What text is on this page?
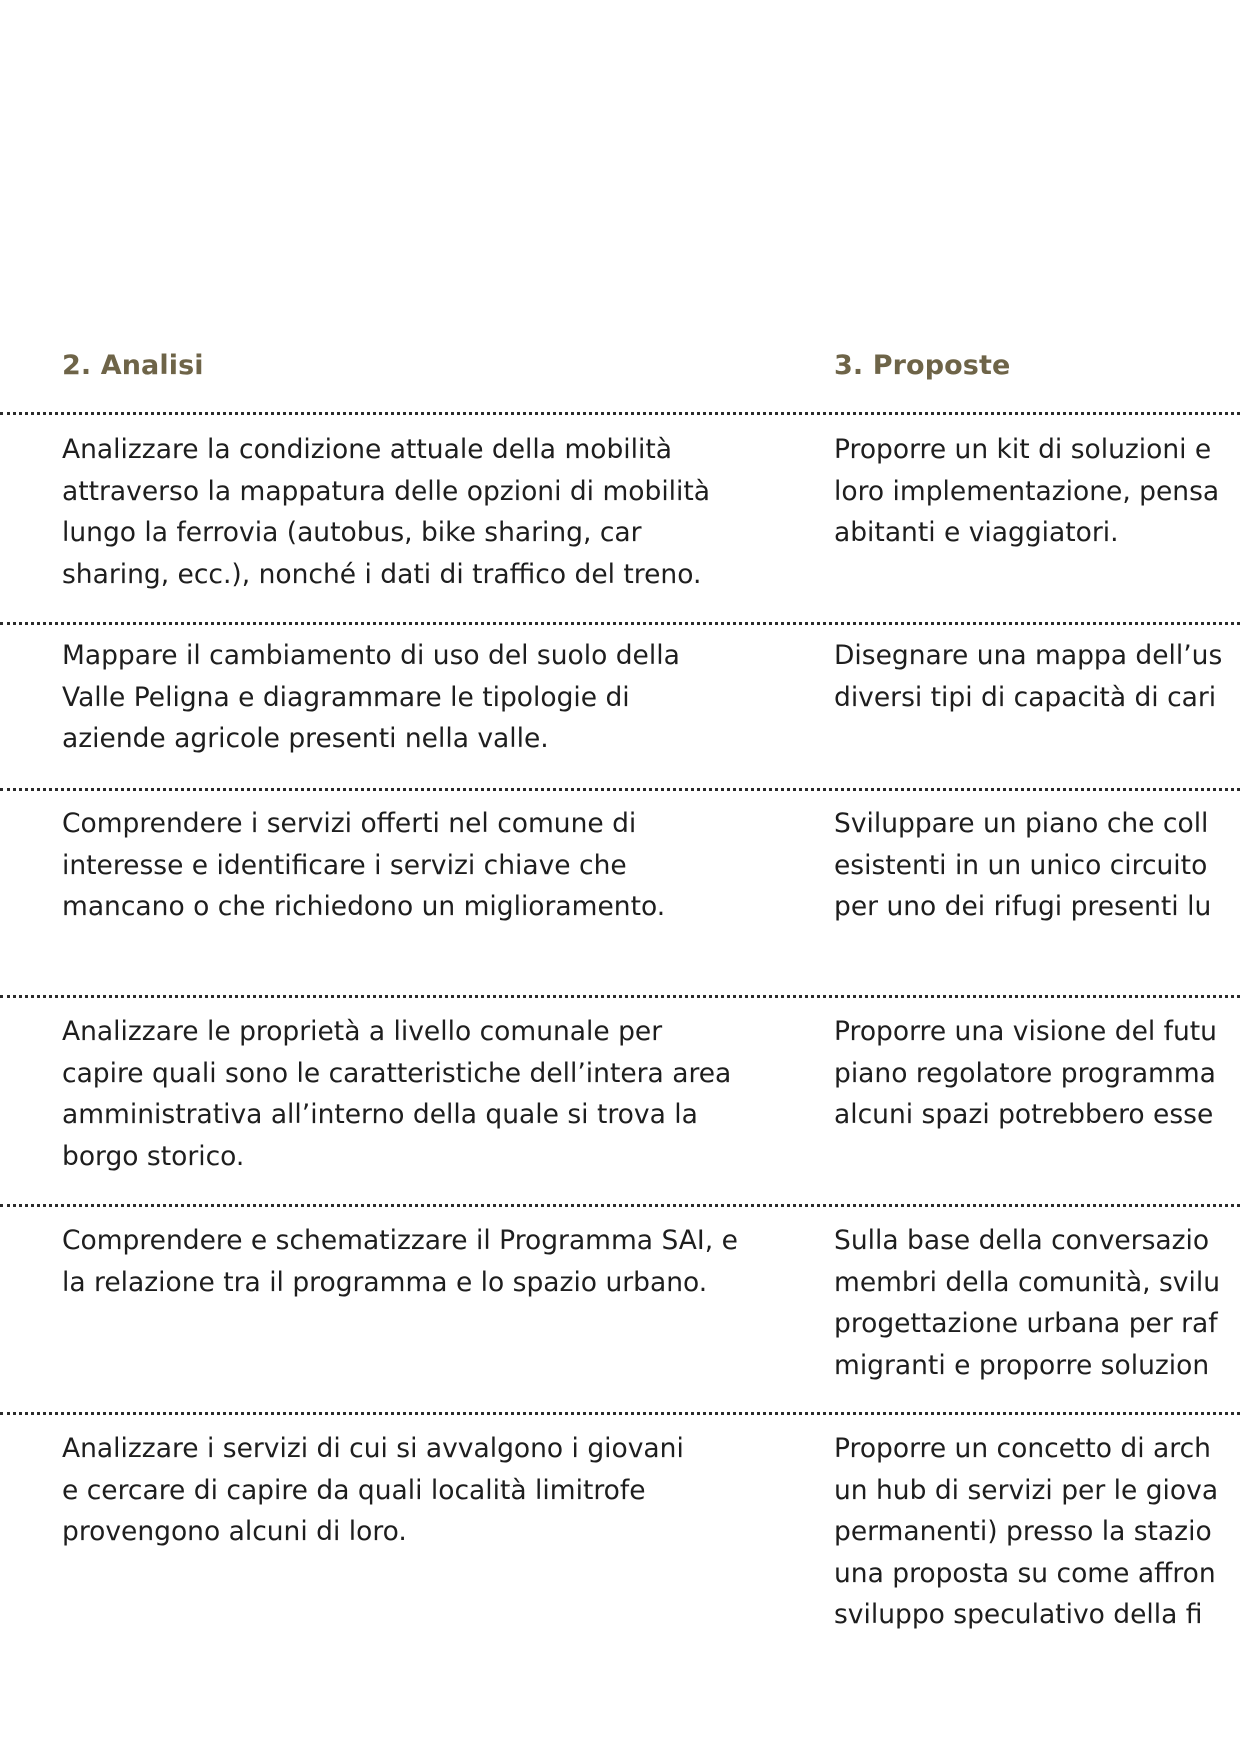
2. Analisi	3. Proposte
Analizzare la condizione attuale della mobilità
attraverso la mappatura delle opzioni di mobilità
lungo la ferrovia (autobus, bike sharing, car
sharing, ecc.), nonché i dati di traffico del treno.
Proporre un kit di soluzioni e
loro implementazione, pensa
abitanti e viaggiatori.
Mappare il cambiamento di uso del suolo della
Valle Peligna e diagrammare le tipologie di
aziende agricole presenti nella valle.
Disegnare una mappa dell’us
diversi tipi di capacità di cari
Comprendere i servizi offerti nel comune di
interesse e identificare i servizi chiave che
mancano o che richiedono un miglioramento.
Sviluppare un piano che coll
esistenti in un unico circuito
per uno dei rifugi presenti lu
Analizzare le proprietà a livello comunale per
capire quali sono le caratteristiche dell’intera area
amministrativa all’interno della quale si trova la
borgo storico.
Proporre una visione del futu
piano regolatore programma
alcuni spazi potrebbero esse
Comprendere e schematizzare il Programma SAI, e
la relazione tra il programma e lo spazio urbano.
Sulla base della conversazio
membri della comunità, svilu
progettazione urbana per raf
migranti e proporre soluzion
Analizzare i servizi di cui si avvalgono i giovani
e cercare di capire da quali località limitrofe
provengono alcuni di loro.
Proporre un concetto di arch
un hub di servizi per le giova
permanenti) presso la stazio
una proposta su come affron
sviluppo speculativo della fi
